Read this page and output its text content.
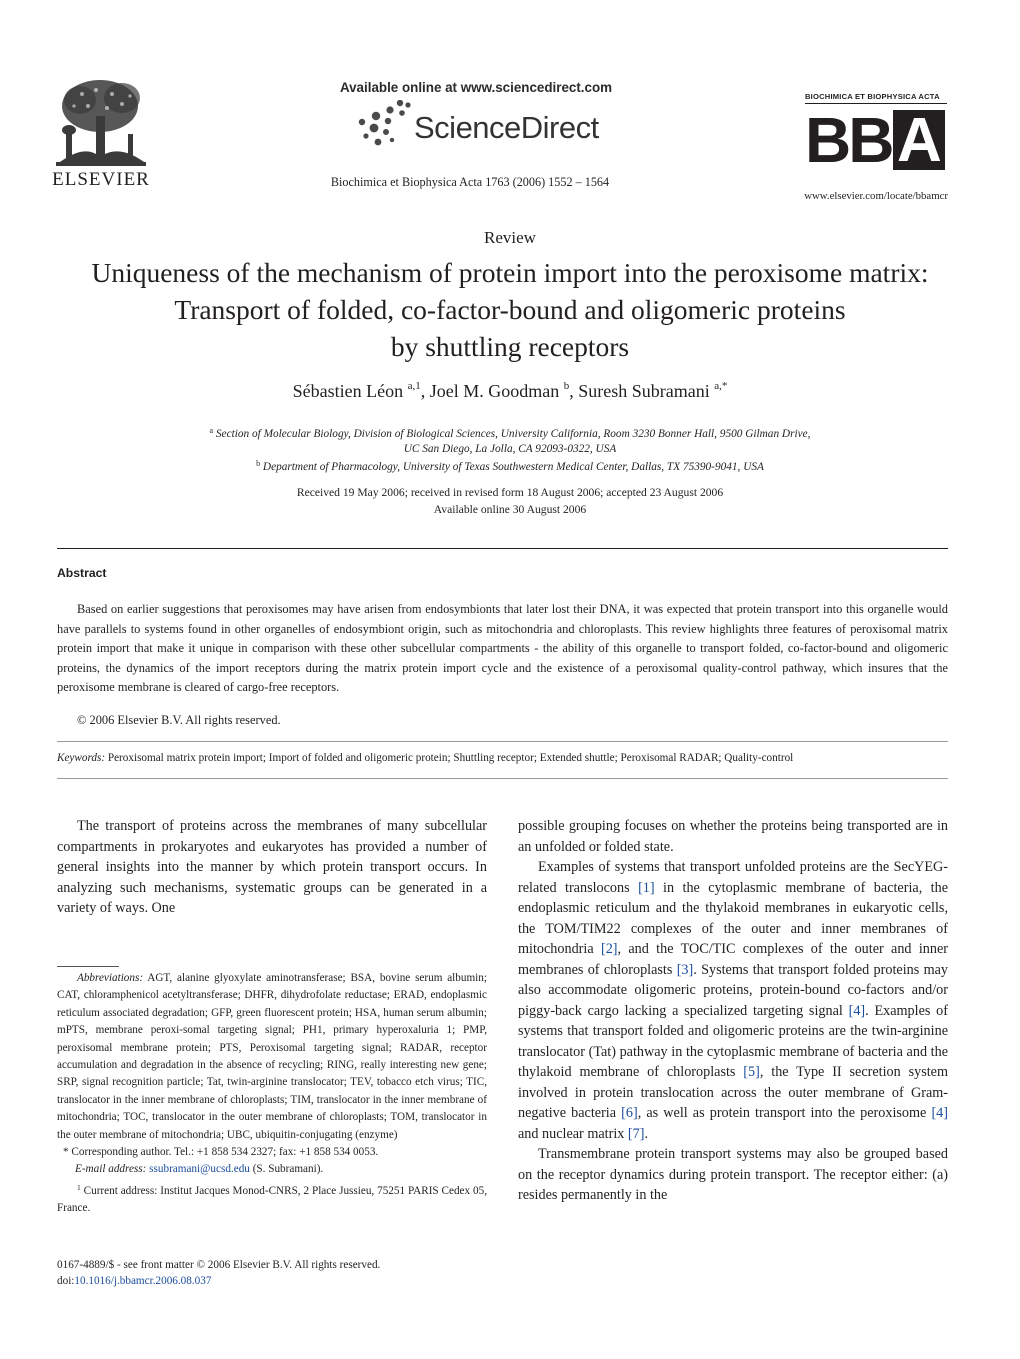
ELSEVIER
Available online at www.sciencedirect.com
ScienceDirect
Biochimica et Biophysica Acta 1763 (2006) 1552 – 1564
BIOCHIMICA ET BIOPHYSICA ACTA
BB A
www.elsevier.com/locate/bbamcr
Review
Uniqueness of the mechanism of protein import into the peroxisome matrix:
Transport of folded, co-factor-bound and oligomeric proteins
by shuttling receptors
Sébastien Léon $^{a,1}$, Joel M. Goodman $^b$, Suresh Subramani $^{a,*}$
$^a$ Section of Molecular Biology, Division of Biological Sciences, University California, Room 3230 Bonner Hall, 9500 Gilman Drive,
UC San Diego, La Jolla, CA 92093-0322, USA
$^b$ Department of Pharmacology, University of Texas Southwestern Medical Center, Dallas, TX 75390-9041, USA
Received 19 May 2006; received in revised form 18 August 2006; accepted 23 August 2006
Available online 30 August 2006
Abstract
Based on earlier suggestions that peroxisomes may have arisen from endosymbionts that later lost their DNA, it was expected that protein transport into this organelle would have parallels to systems found in other organelles of endosymbiont origin, such as mitochondria and chloroplasts. This review highlights three features of peroxisomal matrix protein import that make it unique in comparison with these other subcellular compartments - the ability of this organelle to transport folded, co-factor-bound and oligomeric proteins, the dynamics of the import receptors during the matrix protein import cycle and the existence of a peroxisomal quality-control pathway, which insures that the peroxisome membrane is cleared of cargo-free receptors.
© 2006 Elsevier B.V. All rights reserved.
Keywords: Peroxisomal matrix protein import; Import of folded and oligomeric protein; Shuttling receptor; Extended shuttle; Peroxisomal RADAR; Quality-control

The transport of proteins across the membranes of many subcellular compartments in prokaryotes and eukaryotes has provided a number of general insights into the manner by which protein transport occurs. In analyzing such mechanisms, systematic groups can be generated in a variety of ways. One

possible grouping focuses on whether the proteins being transported are in an unfolded or folded state.

Examples of systems that transport unfolded proteins are the SecYEG-related translocons [1] in the cytoplasmic membrane of bacteria, the endoplasmic reticulum and the thylakoid membranes in eukaryotic cells, the TOM/TIM22 complexes of the outer and inner membranes of mitochondria [2], and the TOC/TIC complexes of the outer and inner membranes of chloroplasts [3]. Systems that transport folded proteins may also accommodate oligomeric proteins, protein-bound co-factors and/or piggy-back cargo lacking a specialized targeting signal [4]. Examples of systems that transport folded and oligomeric proteins are the twin-arginine translocator (Tat) pathway in the cytoplasmic membrane of bacteria and the thylakoid membrane of chloroplasts [5], the Type II secretion system involved in protein translocation across the outer membrane of Gram-negative bacteria [6], as well as protein transport into the peroxisome [4] and nuclear matrix [7].

Transmembrane protein transport systems may also be grouped based on the receptor dynamics during protein transport. The receptor either: (a) resides permanently in the

Abbreviations: AGT, alanine glyoxylate aminotransferase; BSA, bovine serum albumin; CAT, chloramphenicol acetyltransferase; DHFR, dihydrofolate reductase; ERAD, endoplasmic reticulum associated degradation; GFP, green fluorescent protein; HSA, human serum albumin; mPTS, membrane peroxi-somal targeting signal; PH1, primary hyperoxaluria 1; PMP, peroxisomal membrane protein; PTS, Peroxisomal targeting signal; RADAR, receptor accumulation and degradation in the absence of recycling; RING, really interesting new gene; SRP, signal recognition particle; Tat, twin-arginine translocator; TEV, tobacco etch virus; TIC, translocator in the inner membrane of chloroplasts; TIM, translocator in the inner membrane of mitochondria; TOC, translocator in the outer membrane of chloroplasts; TOM, translocator in the outer membrane of mitochondria; UBC, ubiquitin-conjugating (enzyme)

* Corresponding author. Tel.: +1 858 534 2327; fax: +1 858 534 0053.

E-mail address: ssubramani@ucsd.edu (S. Subramani).

$^1$ Current address: Institut Jacques Monod-CNRS, 2 Place Jussieu, 75251 PARIS Cedex 05, France.

0167-4889/$ - see front matter © 2006 Elsevier B.V. All rights reserved.
doi:10.1016/j.bbamcr.2006.08.037
